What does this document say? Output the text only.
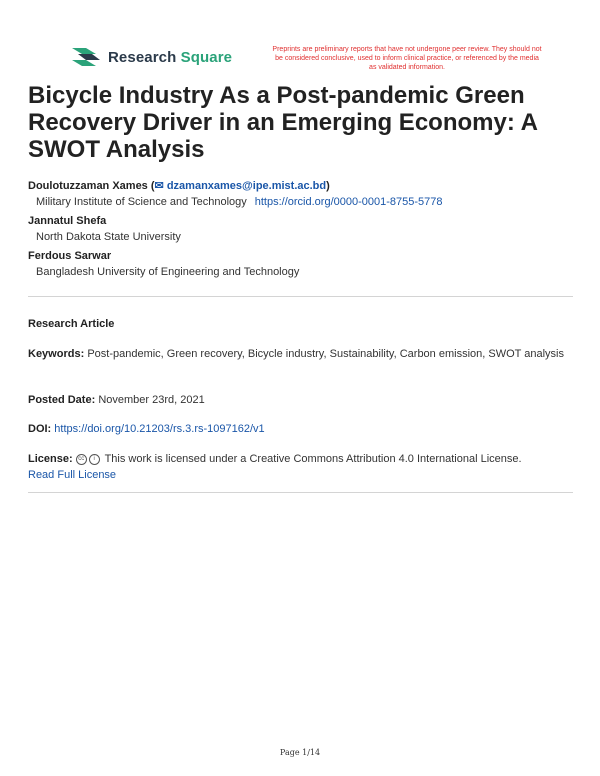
Research Square	Preprints are preliminary reports that have not undergone peer review. They should not be considered conclusive, used to inform clinical practice, or referenced by the media as validated information.
Bicycle Industry As a Post-pandemic Green Recovery Driver in an Emerging Economy: A SWOT Analysis
Doulotuzzaman Xames (✉ dzamanxames@ipe.mist.ac.bd)
Military Institute of Science and Technology https://orcid.org/0000-0001-8755-5778
Jannatul Shefa
North Dakota State University
Ferdous Sarwar
Bangladesh University of Engineering and Technology
Research Article
Keywords: Post-pandemic, Green recovery, Bicycle industry, Sustainability, Carbon emission, SWOT analysis
Posted Date: November 23rd, 2021
DOI: https://doi.org/10.21203/rs.3.rs-1097162/v1
License: cc i This work is licensed under a Creative Commons Attribution 4.0 International License.
Read Full License
Page 1/14
